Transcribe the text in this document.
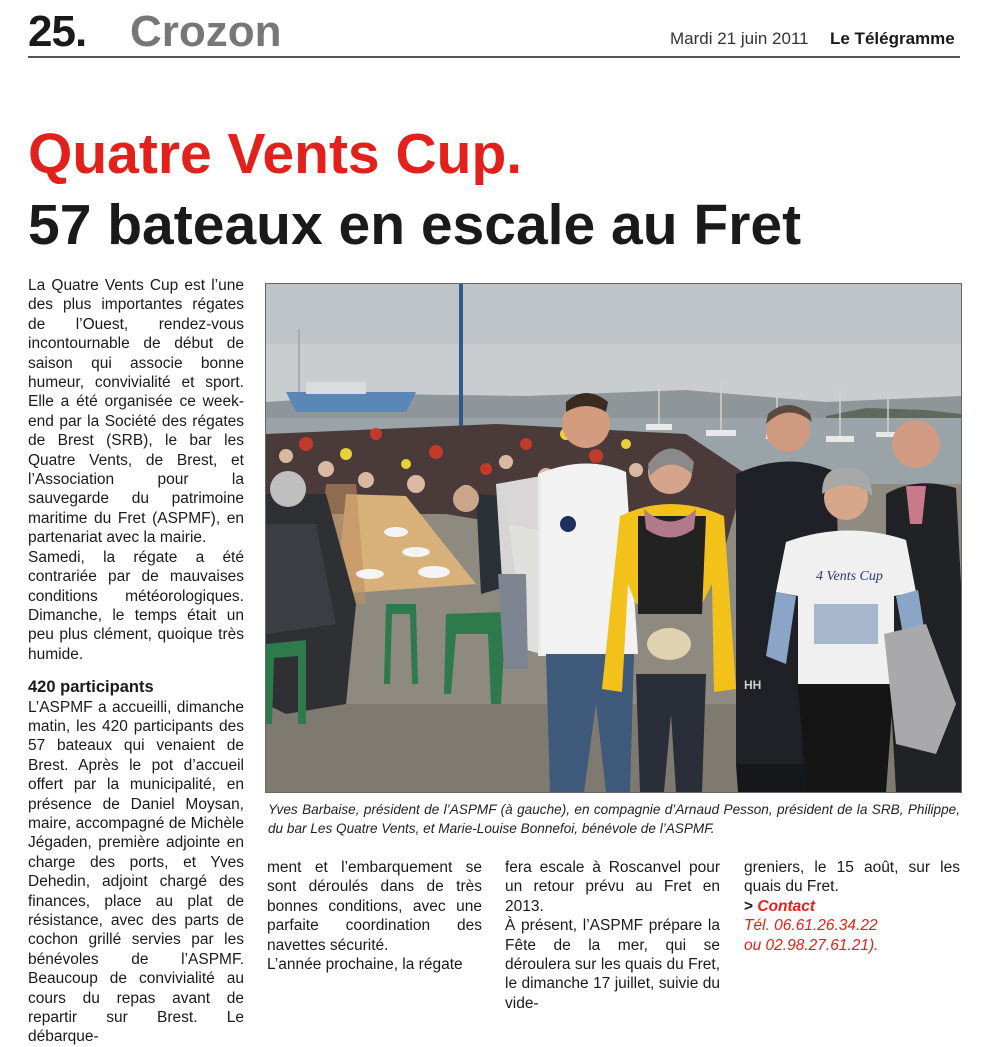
25. Crozon	Mardi 21 juin 2011 Le Télégramme
Quatre Vents Cup.
57 bateaux en escale au Fret

La Quatre Vents Cup est l’une des plus importantes régates de l’Ouest, rendez-vous incontournable de début de saison qui associe bonne humeur, convivialité et sport. Elle a été organisée ce week-end par la Société des régates de Brest (SRB), le bar les Quatre Vents, de Brest, et l’Association pour la sauvegarde du patrimoine maritime du Fret (ASPMF), en partenariat avec la mairie.

Samedi, la régate a été contrariée par de mauvaises conditions météorologiques. Dimanche, le temps était un peu plus clément, quoique très humide.

420 participants

L’ASPMF a accueilli, dimanche matin, les 420 participants des 57 bateaux qui venaient de Brest. Après le pot d’accueil offert par la municipalité, en présence de Daniel Moysan, maire, accompagné de Michèle Jégaden, première adjointe en charge des ports, et Yves Dehedin, adjoint chargé des finances, place au plat de résistance, avec des parts de cochon grillé servies par les bénévoles de l’ASPMF. Beaucoup de convivialité au cours du repas avant de repartir sur Brest. Le débarque-

HH
4 Vents Cup
Yves Barbaise, président de l’ASPMF (à gauche), en compagnie d’Arnaud Pesson, président de la SRB, Philippe, du bar Les Quatre Vents, et Marie-Louise Bonnefoi, bénévole de l’ASPMF.

ment et l’embarquement se sont déroulés dans de très bonnes conditions, avec une parfaite coordination des navettes sécurité.

L’année prochaine, la régate

fera escale à Roscanvel pour un retour prévu au Fret en 2013.

À présent, l’ASPMF prépare la Fête de la mer, qui se déroulera sur les quais du Fret, le dimanche 17 juillet, suivie du vide-

greniers, le 15 août, sur les quais du Fret.

> Contact

Tél. 06.61.26.34.22

ou 02.98.27.61.21).
